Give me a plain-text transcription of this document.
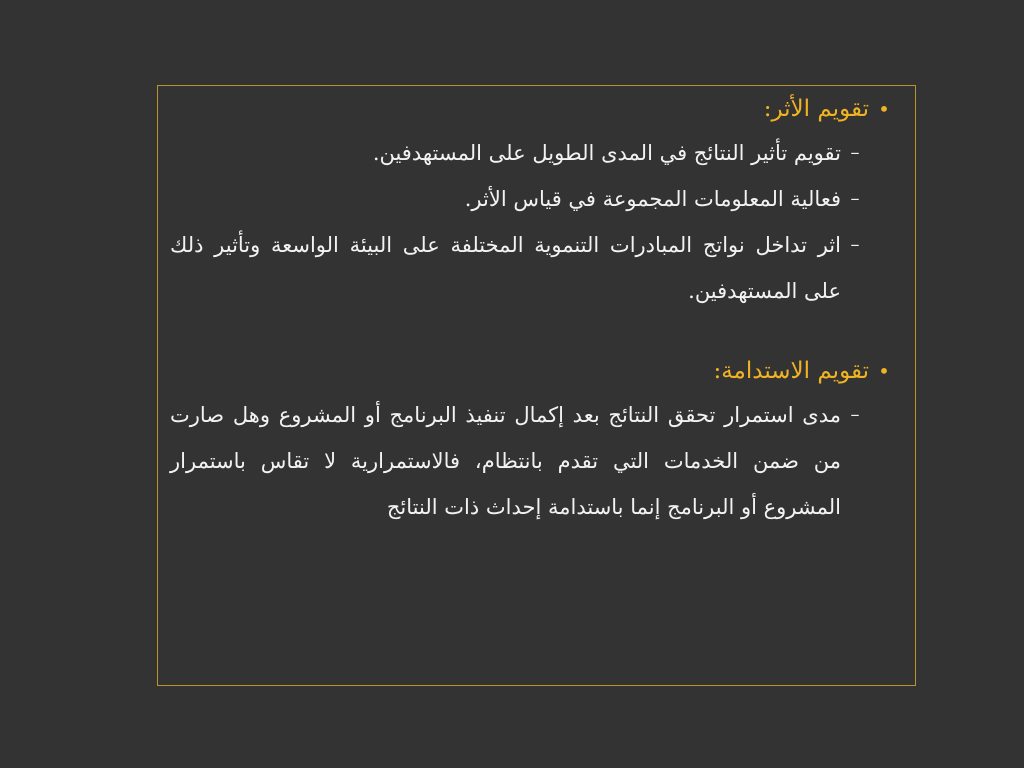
•
تقويم الأثر:
–
تقويم تأثير النتائج في المدى الطويل على المستهدفين.
–
فعالية المعلومات المجموعة في قياس الأثر.
–
اثر تداخل نواتج المبادرات التنموية المختلفة على البيئة الواسعة وتأثير ذلك على المستهدفين.
•
تقويم الاستدامة:
–
مدى استمرار تحقق النتائج بعد إكمال تنفيذ البرنامج أو المشروع وهل صارت من ضمن الخدمات التي تقدم بانتظام، فالاستمرارية لا تقاس باستمرار المشروع أو البرنامج إنما باستدامة إحداث ذات النتائج
